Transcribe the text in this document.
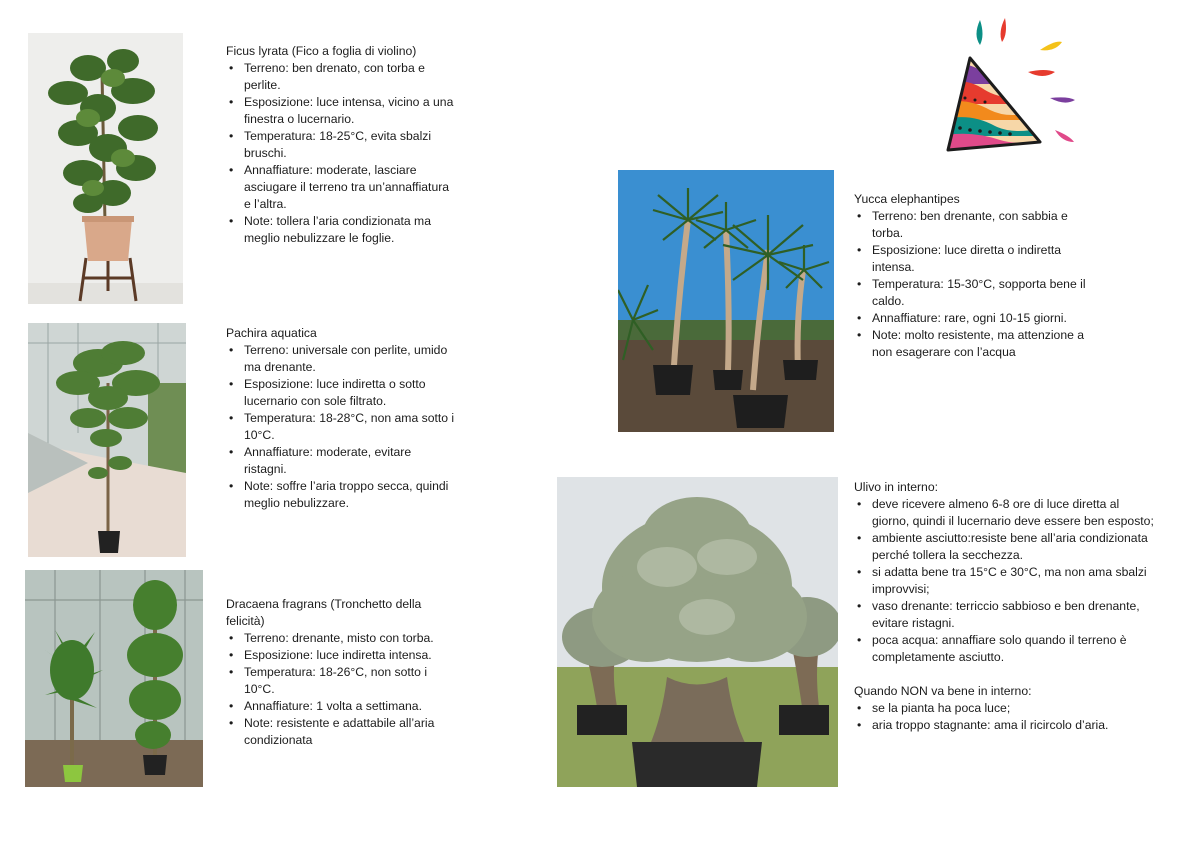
Ficus lyrata (Fico a foglia di violino)
• Terreno: ben drenato, con torba e perlite.
• Esposizione: luce intensa, vicino a una finestra o lucernario.
• Temperatura: 18-25°C, evita sbalzi bruschi.
• Annaffiature: moderate, lasciare asciugare il terreno tra un’annaffiatura e l’altra.
• Note: tollera l’aria condizionata ma meglio nebulizzare le foglie.
Pachira aquatica
• Terreno: universale con perlite, umido ma drenante.
• Esposizione: luce indiretta o sotto lucernario con sole filtrato.
• Temperatura: 18-28°C, non ama sotto i 10°C.
• Annaffiature: moderate, evitare ristagni.
• Note: soffre l’aria troppo secca, quindi meglio nebulizzare.
Dracaena fragrans (Tronchetto della felicità)
• Terreno: drenante, misto con torba.
• Esposizione: luce indiretta intensa.
• Temperatura: 18-26°C, non sotto i 10°C.
• Annaffiature: 1 volta a settimana.
• Note: resistente e adattabile all’aria condizionata
Yucca elephantipes
• Terreno: ben drenante, con sabbia e torba.
• Esposizione: luce diretta o indiretta intensa.
• Temperatura: 15-30°C, sopporta bene il caldo.
• Annaffiature: rare, ogni 10-15 giorni.
• Note: molto resistente, ma attenzione a non esagerare con l’acqua
Ulivo in interno:
• deve ricevere almeno 6-8 ore di luce diretta al giorno, quindi il lucernario deve essere ben esposto;
• ambiente asciutto:resiste bene all’aria condizionata perché tollera la secchezza.
• si adatta bene tra 15°C e 30°C, ma non ama sbalzi improvvisi;
• vaso drenante: terriccio sabbioso e ben drenante, evitare ristagni.
• poca acqua: annaffiare solo quando il terreno è completamente asciutto.
Quando NON va bene in interno:
• se la pianta ha poca luce;
• aria troppo stagnante: ama il ricircolo d’aria.
